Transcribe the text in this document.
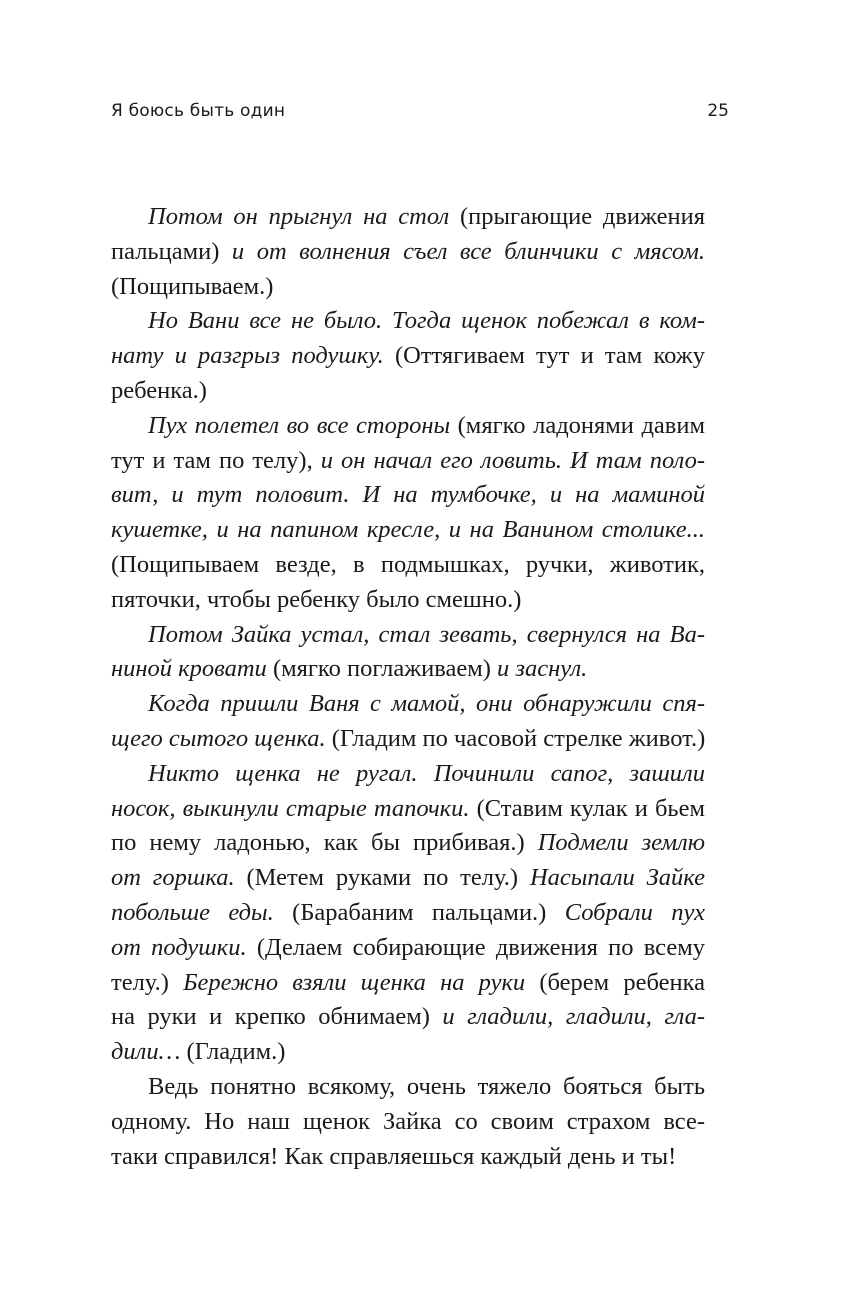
Я боюсь быть один	25

Потом он прыгнул на стол (прыгающие движения
пальцами) и от волнения съел все блинчики с мясом.
(Пощипываем.)

Но Вани все не было. Тогда щенок побежал в ком-
нату и разгрыз подушку. (Оттягиваем тут и там кожу
ребенка.)

Пух полетел во все стороны (мягко ладонями давим
тут и там по телу), и он начал его ловить. И там поло-
вит, и тут половит. И на тумбочке, и на маминой
кушетке, и на папином кресле, и на Ванином столике...
(Пощипываем везде, в подмышках, ручки, животик,
пяточки, чтобы ребенку было смешно.)

Потом Зайка устал, стал зевать, свернулся на Ва-
ниной кровати (мягко поглаживаем) и заснул.

Когда пришли Ваня с мамой, они обнаружили спя-
щего сытого щенка. (Гладим по часовой стрелке живот.)

Никто щенка не ругал. Починили сапог, зашили
носок, выкинули старые тапочки. (Ставим кулак и бьем
по нему ладонью, как бы прибивая.) Подмели землю
от горшка. (Метем руками по телу.) Насыпали Зайке
побольше еды. (Барабаним пальцами.) Собрали пух
от подушки. (Делаем собирающие движения по всему
телу.) Бережно взяли щенка на руки (берем ребенка
на руки и крепко обнимаем) и гладили, гладили, гла-
дили… (Гладим.)

Ведь понятно всякому, очень тяжело бояться быть
одному. Но наш щенок Зайка со своим страхом все-
таки справился! Как справляешься каждый день и ты!
